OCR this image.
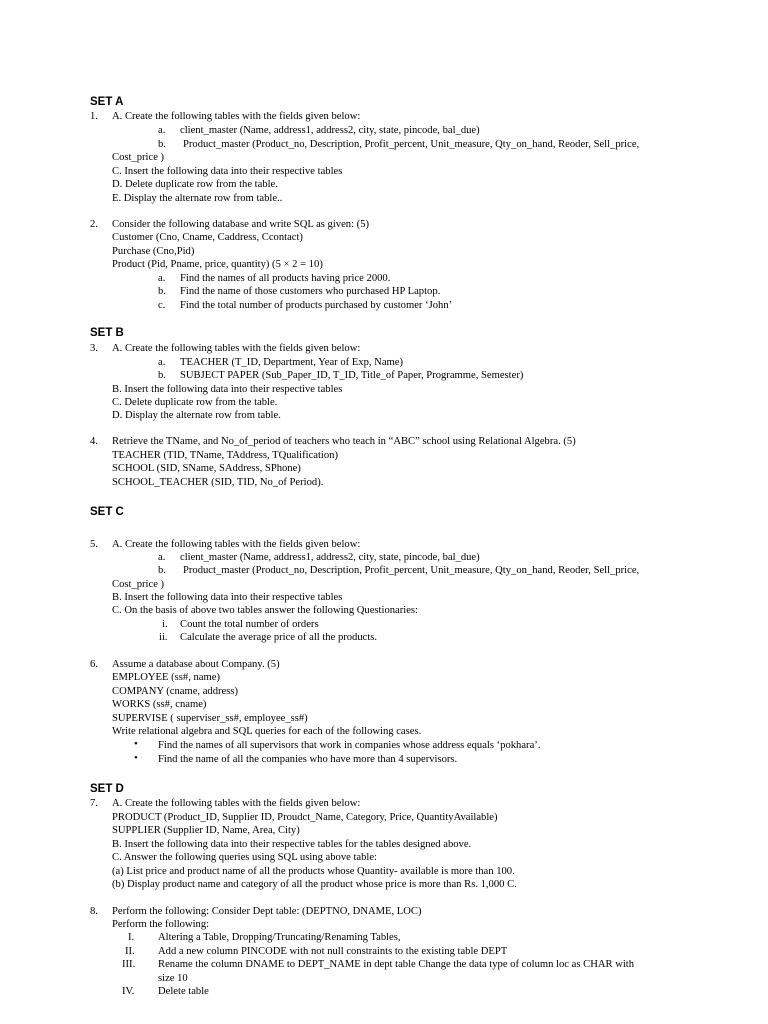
SET A
1. A. Create the following tables with the fields given below:
a. client_master (Name, address1, address2, city, state, pincode, bal_due)
b. Product_master (Product_no, Description, Profit_percent, Unit_measure, Qty_on_hand, Reoder, Sell_price,
Cost_price )
C. Insert the following data into their respective tables
D. Delete duplicate row from the table.
E. Display the alternate row from table..
2. Consider the following database and write SQL as given: (5)
Customer (Cno, Cname, Caddress, Ccontact)
Purchase (Cno,Pid)
Product (Pid, Pname, price, quantity) (5 × 2 = 10)
a. Find the names of all products having price 2000.
b. Find the name of those customers who purchased HP Laptop.
c. Find the total number of products purchased by customer ‘John’
SET B
3. A. Create the following tables with the fields given below:
a. TEACHER (T_ID, Department, Year of Exp, Name)
b. SUBJECT PAPER (Sub_Paper_ID, T_ID, Title_of Paper, Programme, Semester)
B. Insert the following data into their respective tables
C. Delete duplicate row from the table.
D. Display the alternate row from table.
4. Retrieve the TName, and No_of_period of teachers who teach in “ABC” school using Relational Algebra. (5)
TEACHER (TID, TName, TAddress, TQualification)
SCHOOL (SID, SName, SAddress, SPhone)
SCHOOL_TEACHER (SID, TID, No_of Period).
SET C
5. A. Create the following tables with the fields given below:
a. client_master (Name, address1, address2, city, state, pincode, bal_due)
b. Product_master (Product_no, Description, Profit_percent, Unit_measure, Qty_on_hand, Reoder, Sell_price,
Cost_price )
B. Insert the following data into their respective tables
C. On the basis of above two tables answer the following Questionaries:
i. Count the total number of orders
ii. Calculate the average price of all the products.
6. Assume a database about Company. (5)
EMPLOYEE (ss#, name)
COMPANY (cname, address)
WORKS (ss#, cname)
SUPERVISE ( superviser_ss#, employee_ss#)
Write relational algebra and SQL queries for each of the following cases.
• Find the names of all supervisors that work in companies whose address equals ‘pokhara’.
• Find the name of all the companies who have more than 4 supervisors.
SET D
7. A. Create the following tables with the fields given below:
PRODUCT (Product_ID, Supplier ID, Proudct_Name, Category, Price, QuantityAvailable)
SUPPLIER (Supplier ID, Name, Area, City)
B. Insert the following data into their respective tables for the tables designed above.
C. Answer the following queries using SQL using above table:
(a) List price and product name of all the products whose Quantity- available is more than 100.
(b) Display product name and category of all the product whose price is more than Rs. 1,000 C.
8. Perform the following: Consider Dept table: (DEPTNO, DNAME, LOC)
Perform the following:
I. Altering a Table, Dropping/Truncating/Renaming Tables,
II. Add a new column PINCODE with not null constraints to the existing table DEPT
III. Rename the column DNAME to DEPT_NAME in dept table Change the data type of column loc as CHAR with
size 10
IV. Delete table
